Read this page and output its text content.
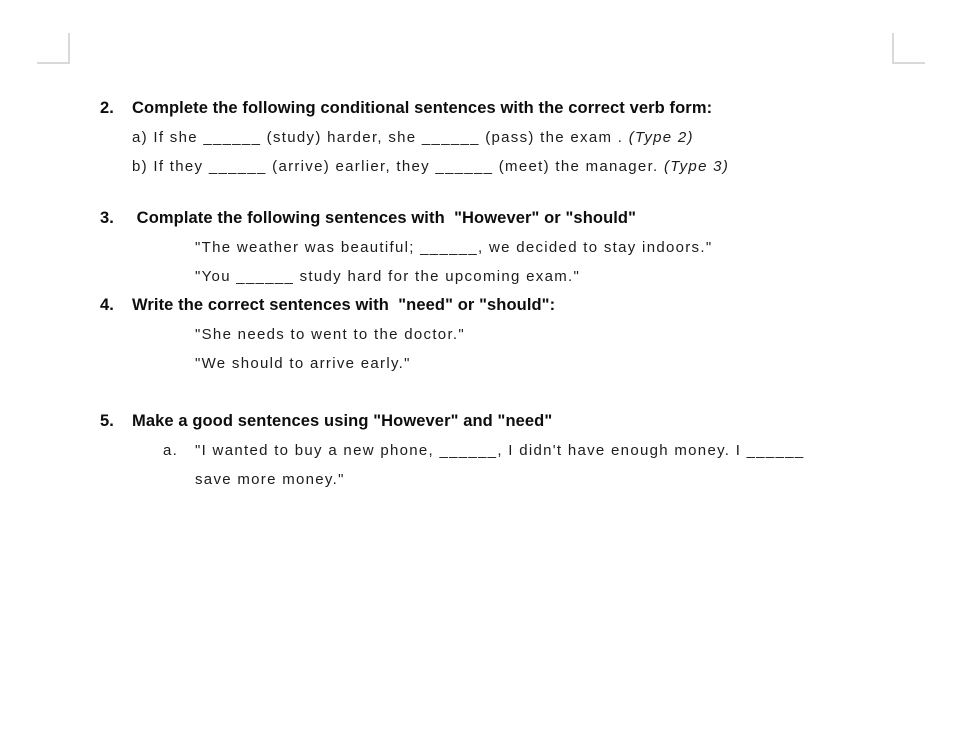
2. Complete the following conditional sentences with the correct verb form:
a) If she ______ (study) harder, she ______ (pass) the exam . (Type 2)
b) If they ______ (arrive) earlier, they ______ (meet) the manager. (Type 3)
3. Complate the following sentences with  "However" or "should"
"The weather was beautiful; ______, we decided to stay indoors."
"You ______ study hard for the upcoming exam."
4. Write the correct sentences with  "need" or "should":
"She needs to went to the doctor."
"We should to arrive early."
5. Make a good sentences using "However" and "need"
a. "I wanted to buy a new phone, ______, I didn't have enough money. I ______
save more money."
